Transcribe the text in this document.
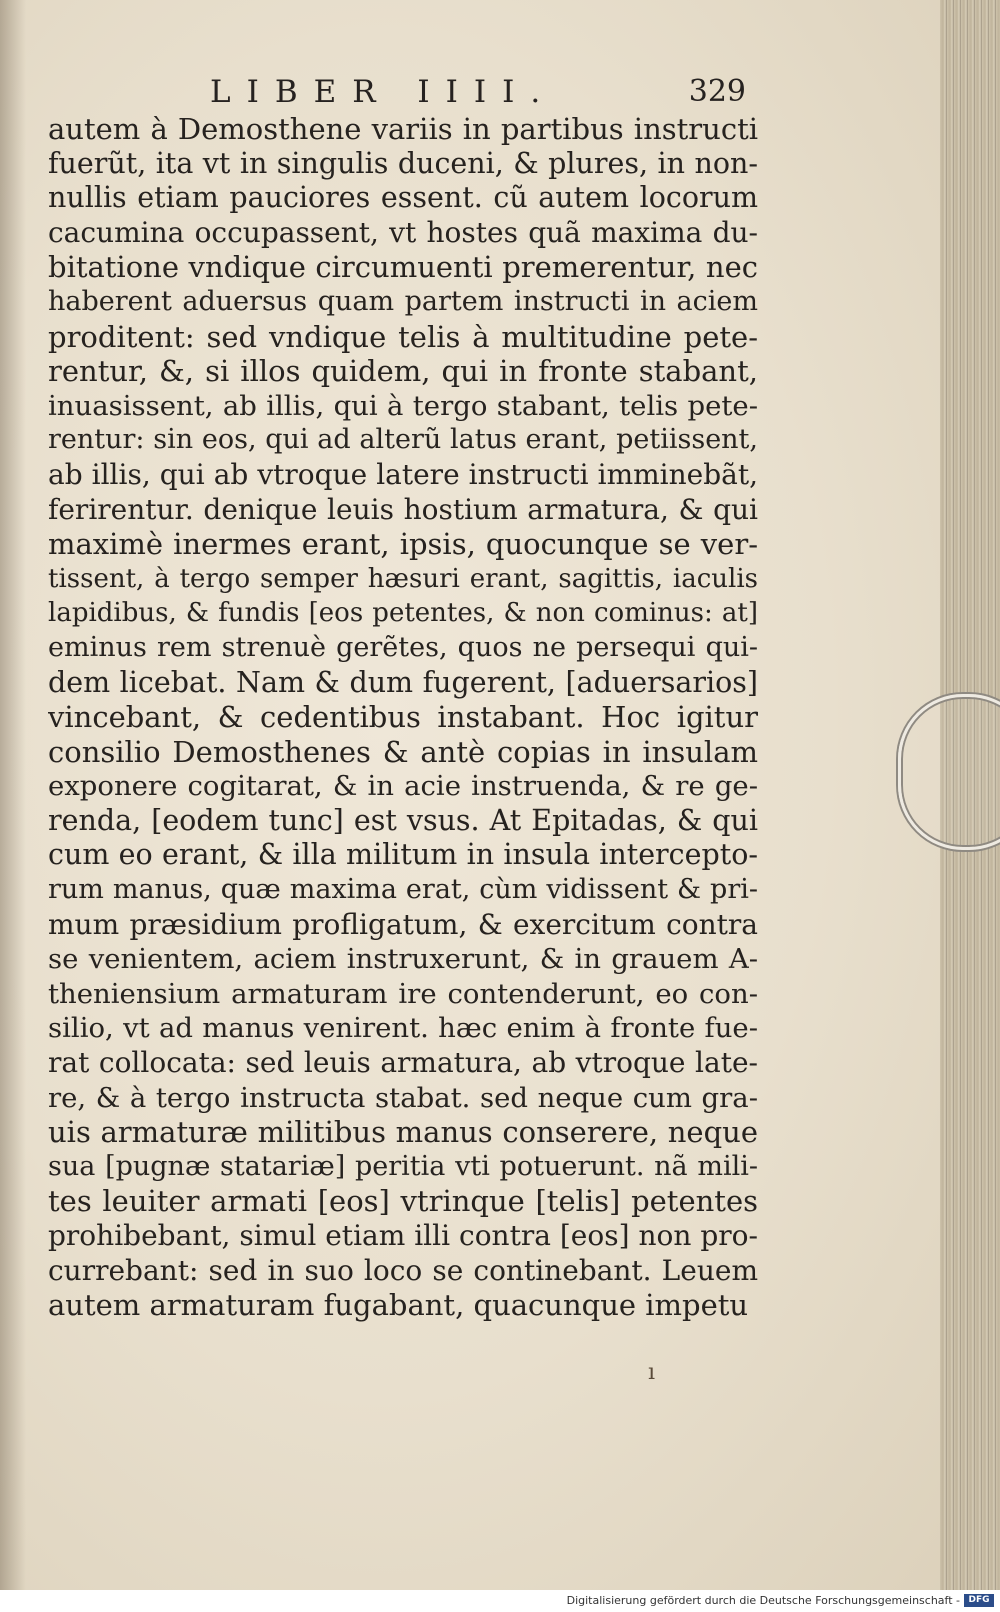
LIBER IIII.	329
autem à Demosthene variis in partibus instructi
fuerũt, ita vt in singulis duceni, & plures, in non-
nullis etiam pauciores essent. cũ autem locorum
cacumina occupassent, vt hostes quã maxima du-
bitatione vndique circumuenti premerentur, nec
haberent aduersus quam partem instructi in aciem
proditent: sed vndique telis à multitudine pete-
rentur, &, si illos quidem, qui in fronte stabant,
inuasissent, ab illis, qui à tergo stabant, telis pete-
rentur: sin eos, qui ad alterũ latus erant, petiissent,
ab illis, qui ab vtroque latere instructi imminebãt,
ferirentur. denique leuis hostium armatura, & qui
maximè inermes erant, ipsis, quocunque se ver-
tissent, à tergo semper hæsuri erant, sagittis, iaculis
lapidibus, & fundis [eos petentes, & non cominus: at]
eminus rem strenuè gerẽtes, quos ne persequi qui-
dem licebat. Nam & dum fugerent, [aduersarios]
vincebant, & cedentibus instabant. Hoc igitur
consilio Demosthenes & antè copias in insulam
exponere cogitarat, & in acie instruenda, & re ge-
renda, [eodem tunc] est vsus. At Epitadas, & qui
cum eo erant, & illa militum in insula intercepto-
rum manus, quæ maxima erat, cùm vidissent & pri-
mum præsidium profligatum, & exercitum contra
se venientem, aciem instruxerunt, & in grauem A-
theniensium armaturam ire contenderunt, eo con-
silio, vt ad manus venirent. hæc enim à fronte fue-
rat collocata: sed leuis armatura, ab vtroque late-
re, & à tergo instructa stabat. sed neque cum gra-
uis armaturæ militibus manus conserere, neque
sua [pugnæ statariæ] peritia vti potuerunt. nã mili-
tes leuiter armati [eos] vtrinque [telis] petentes
prohibebant, simul etiam illi contra [eos] non pro-
currebant: sed in suo loco se continebant. Leuem
autem armaturam fugabant, quacunque impetu
ı
Digitalisierung gefördert durch die Deutsche Forschungsgemeinschaft - DFG
